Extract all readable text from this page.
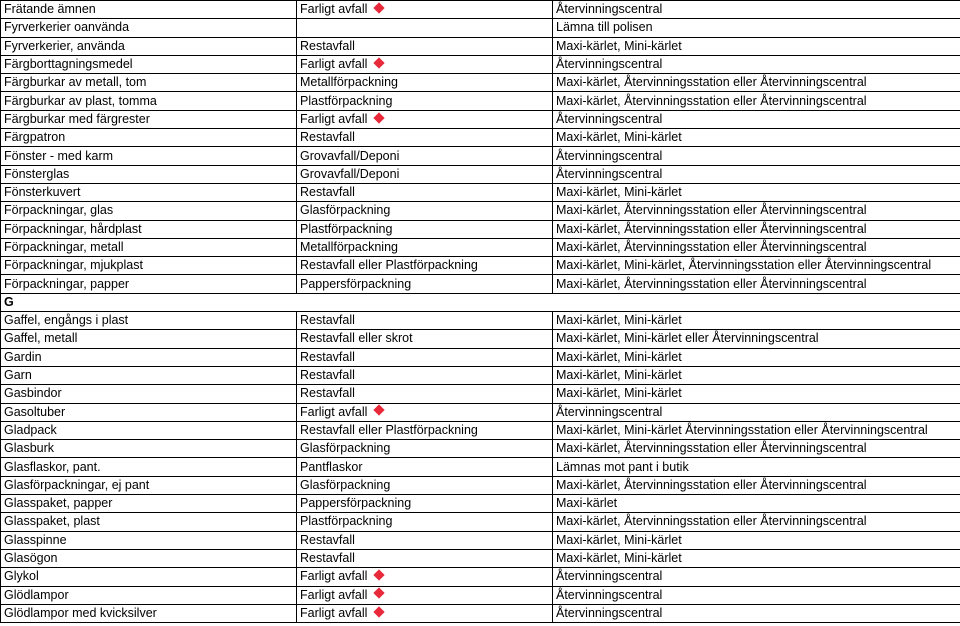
Frätande ämnen	Farligt avfall	Återvinningscentral
Fyrverkerier oanvända		Lämna till polisen
Fyrverkerier, använda	Restavfall	Maxi-kärlet, Mini-kärlet
Färgborttagningsmedel	Farligt avfall	Återvinningscentral
Färgburkar av metall, tom	Metallförpackning	Maxi-kärlet, Återvinningsstation eller Återvinningscentral
Färgburkar av plast, tomma	Plastförpackning	Maxi-kärlet, Återvinningsstation eller Återvinningscentral
Färgburkar med färgrester	Farligt avfall	Återvinningscentral
Färgpatron	Restavfall	Maxi-kärlet, Mini-kärlet
Fönster - med karm	Grovavfall/Deponi	Återvinningscentral
Fönsterglas	Grovavfall/Deponi	Återvinningscentral
Fönsterkuvert	Restavfall	Maxi-kärlet, Mini-kärlet
Förpackningar, glas	Glasförpackning	Maxi-kärlet, Återvinningsstation eller Återvinningscentral
Förpackningar, hårdplast	Plastförpackning	Maxi-kärlet, Återvinningsstation eller Återvinningscentral
Förpackningar, metall	Metallförpackning	Maxi-kärlet, Återvinningsstation eller Återvinningscentral
Förpackningar, mjukplast	Restavfall eller Plastförpackning	Maxi-kärlet, Mini-kärlet, Återvinningsstation eller Återvinningscentral
Förpackningar, papper	Pappersförpackning	Maxi-kärlet, Återvinningsstation eller Återvinningscentral
G		
Gaffel, engångs i plast	Restavfall	Maxi-kärlet, Mini-kärlet
Gaffel, metall	Restavfall eller skrot	Maxi-kärlet, Mini-kärlet eller Återvinningscentral
Gardin	Restavfall	Maxi-kärlet, Mini-kärlet
Garn	Restavfall	Maxi-kärlet, Mini-kärlet
Gasbindor	Restavfall	Maxi-kärlet, Mini-kärlet
Gasoltuber	Farligt avfall	Återvinningscentral
Gladpack	Restavfall eller Plastförpackning	Maxi-kärlet, Mini-kärlet Återvinningsstation eller Återvinningscentral
Glasburk	Glasförpackning	Maxi-kärlet, Återvinningsstation eller Återvinningscentral
Glasflaskor, pant.	Pantflaskor	Lämnas mot pant i butik
Glasförpackningar, ej pant	Glasförpackning	Maxi-kärlet, Återvinningsstation eller Återvinningscentral
Glasspaket, papper	Pappersförpackning	Maxi-kärlet
Glasspaket, plast	Plastförpackning	Maxi-kärlet, Återvinningsstation eller Återvinningscentral
Glasspinne	Restavfall	Maxi-kärlet, Mini-kärlet
Glasögon	Restavfall	Maxi-kärlet, Mini-kärlet
Glykol	Farligt avfall	Återvinningscentral
Glödlampor	Farligt avfall	Återvinningscentral
Glödlampor med kvicksilver	Farligt avfall	Återvinningscentral
